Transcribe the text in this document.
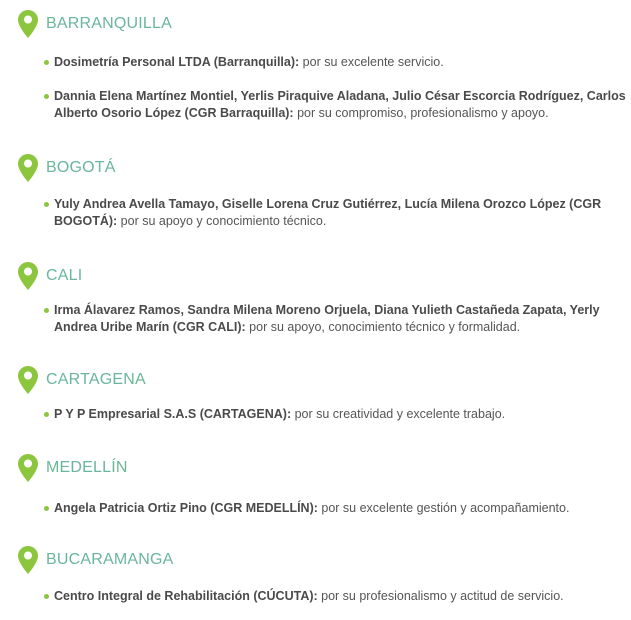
BARRANQUILLA
Dosimetría Personal LTDA (Barranquilla): por su excelente servicio.
Dannia Elena Martínez Montiel, Yerlis Piraquive Aladana, Julio César Escorcia Rodríguez, Carlos Alberto Osorio López (CGR Barraquilla): por su compromiso, profesionalismo y apoyo.
BOGOTÁ
Yuly Andrea Avella Tamayo, Giselle Lorena Cruz Gutiérrez, Lucía Milena Orozco López (CGR BOGOTÁ): por su apoyo y conocimiento técnico.
CALI
Irma Álavarez Ramos, Sandra Milena Moreno Orjuela, Diana Yulieth Castañeda Zapata, Yerly Andrea Uribe Marín (CGR CALI): por su apoyo, conocimiento técnico y formalidad.
CARTAGENA
P Y P Empresarial S.A.S (CARTAGENA): por su creatividad y excelente trabajo.
MEDELLÍN
Angela Patricia Ortiz Pino (CGR MEDELLÍN): por su excelente gestión y acompañamiento.
BUCARAMANGA
Centro Integral de Rehabilitación (CÚCUTA): por su profesionalismo y actitud de servicio.
